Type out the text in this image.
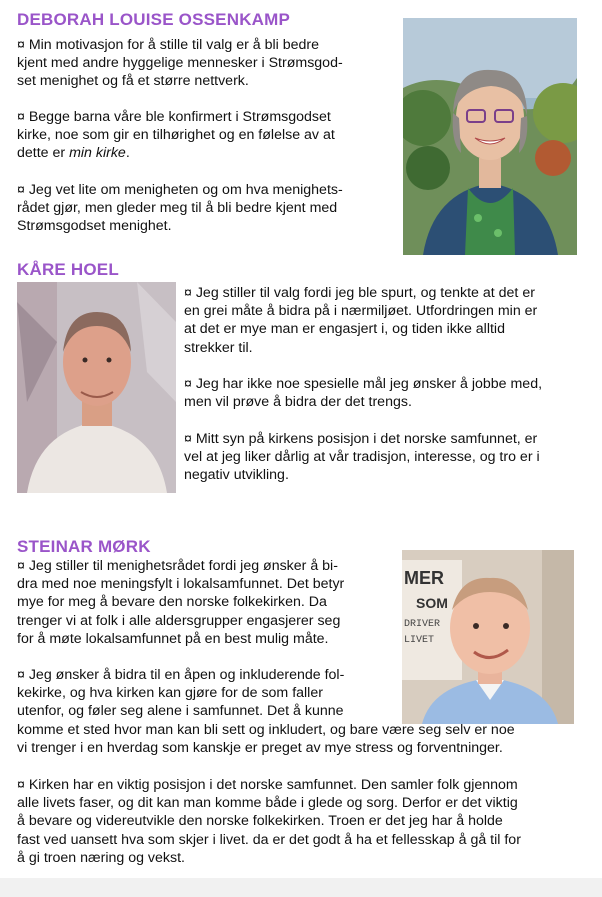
DEBORAH LOUISE OSSENKAMP

¤ Min motivasjon for å stille til valg er å bli bedre
kjent med andre hyggelige mennesker i Strømsgod-
set menighet og få et større nettverk.

¤ Begge barna våre ble konfirmert i Strømsgodset
kirke, noe som gir en tilhørighet og en følelse av at
dette er min kirke.

¤ Jeg vet lite om menigheten og om hva menighets-
rådet gjør, men gleder meg til å bli bedre kjent med
Strømsgodset menighet.

KÅRE HOEL

¤ Jeg stiller til valg fordi jeg ble spurt, og tenkte at det er
en grei måte å bidra på i nærmiljøet. Utfordringen min er
at det er mye man er engasjert i, og tiden ikke alltid
strekker til.

¤ Jeg har ikke noe spesielle mål jeg ønsker å jobbe med,
men vil prøve å bidra der det trengs.

¤ Mitt syn på kirkens posisjon i det norske samfunnet, er
vel at jeg liker dårlig at vår tradisjon, interesse, og tro er i
negativ utvikling.

STEINAR MØRK

¤ Jeg stiller til menighetsrådet fordi jeg ønsker å bi-
dra med noe meningsfylt i lokalsamfunnet. Det betyr
mye for meg å bevare den norske folkekirken. Da
trenger vi at folk i alle aldersgrupper engasjerer seg
for å møte lokalsamfunnet på en best mulig måte.

MER
SOM
DRIVER
LIVET

¤ Jeg ønsker å bidra til en åpen og inkluderende fol-
kekirke, og hva kirken kan gjøre for de som faller
utenfor, og føler seg alene i samfunnet. Det å kunne
komme et sted hvor man kan bli sett og inkludert, og bare være seg selv er noe
vi trenger i en hverdag som kanskje er preget av mye stress og forventninger.

¤ Kirken har en viktig posisjon i det norske samfunnet. Den samler folk gjennom
alle livets faser, og dit kan man komme både i glede og sorg. Derfor er det viktig
å bevare og videreutvikle den norske folkekirken. Troen er det jeg har å holde
fast ved uansett hva som skjer i livet. da er det godt å ha et fellesskap å gå til for
å gi troen næring og vekst.
